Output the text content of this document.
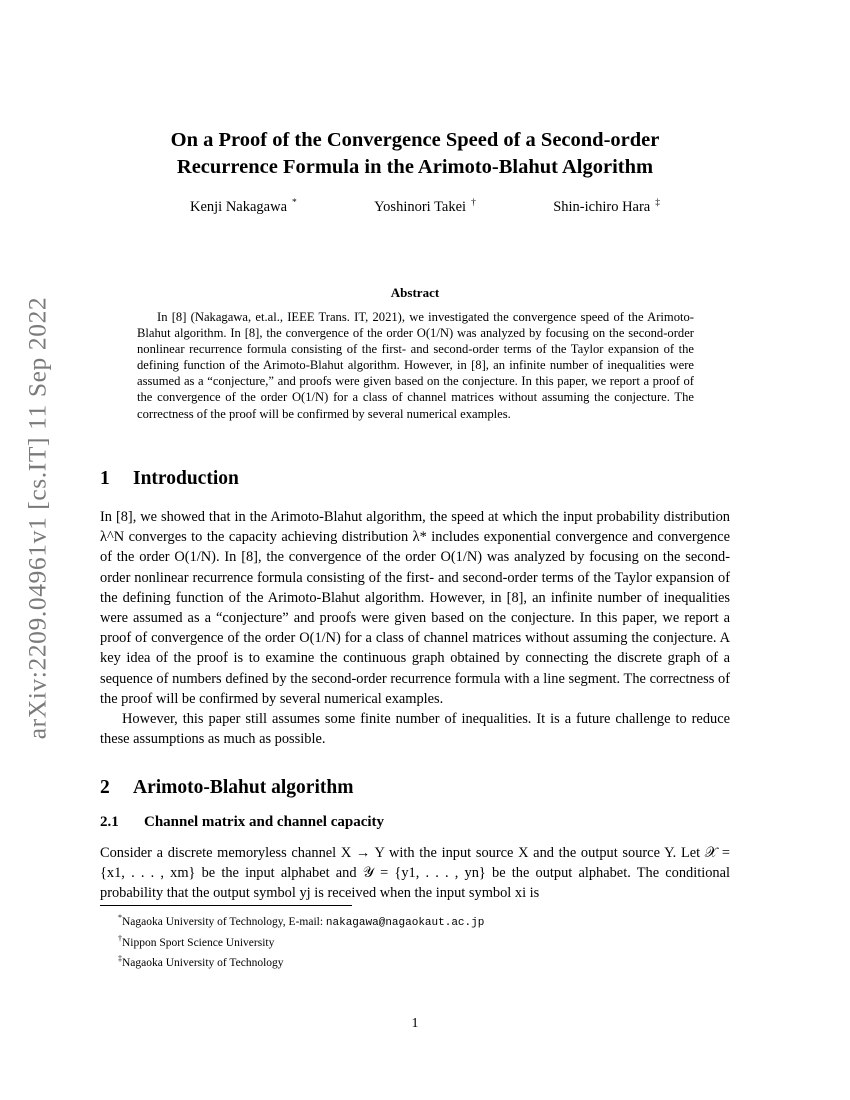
arXiv:2209.04961v1 [cs.IT] 11 Sep 2022
On a Proof of the Convergence Speed of a Second-order
Recurrence Formula in the Arimoto-Blahut Algorithm
Kenji Nakagawa *	Yoshinori Takei †	Shin-ichiro Hara ‡
Abstract
In [8] (Nakagawa, et.al., IEEE Trans. IT, 2021), we investigated the convergence speed of the Arimoto-Blahut algorithm. In [8], the convergence of the order O(1/N) was analyzed by focusing on the second-order nonlinear recurrence formula consisting of the first- and second-order terms of the Taylor expansion of the defining function of the Arimoto-Blahut algorithm. However, in [8], an infinite number of inequalities were assumed as a “conjecture,” and proofs were given based on the conjecture. In this paper, we report a proof of the convergence of the order O(1/N) for a class of channel matrices without assuming the conjecture. The correctness of the proof will be confirmed by several numerical examples.
1 Introduction

In [8], we showed that in the Arimoto-Blahut algorithm, the speed at which the input probability distribution λ^N converges to the capacity achieving distribution λ* includes exponential convergence and convergence of the order O(1/N). In [8], the convergence of the order O(1/N) was analyzed by focusing on the second-order nonlinear recurrence formula consisting of the first- and second-order terms of the Taylor expansion of the defining function of the Arimoto-Blahut algorithm. However, in [8], an infinite number of inequalities were assumed as a “conjecture” and proofs were given based on the conjecture. In this paper, we report a proof of convergence of the order O(1/N) for a class of channel matrices without assuming the conjecture. A key idea of the proof is to examine the continuous graph obtained by connecting the discrete graph of a sequence of numbers defined by the second-order recurrence formula with a line segment. The correctness of the proof will be confirmed by several numerical examples.

However, this paper still assumes some finite number of inequalities. It is a future challenge to reduce these assumptions as much as possible.

2 Arimoto-Blahut algorithm
2.1 Channel matrix and channel capacity

Consider a discrete memoryless channel X → Y with the input source X and the output source Y. Let 𝒳 = {x1, . . . , xm} be the input alphabet and 𝒴 = {y1, . . . , yn} be the output alphabet. The conditional probability that the output symbol yj is received when the input symbol xi is

*Nagaoka University of Technology, E-mail: nakagawa@nagaokaut.ac.jp
†Nippon Sport Science University
‡Nagaoka University of Technology
1
